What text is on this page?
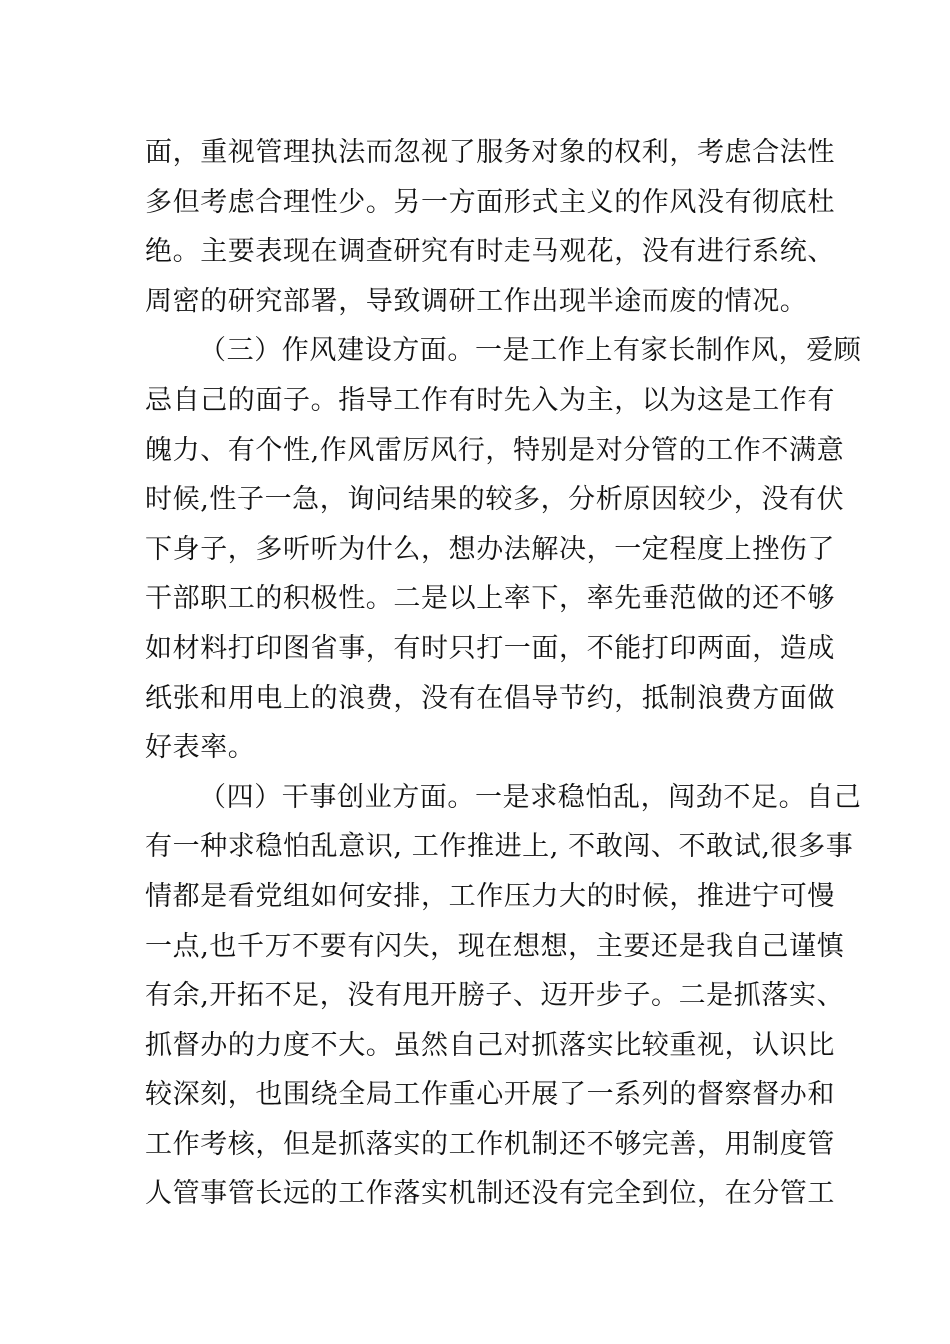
面，重视管理执法而忽视了服务对象的权利，考虑合法性
多但考虑合理性少。另一方面形式主义的作风没有彻底杜
绝。主要表现在调查研究有时走马观花，没有进行系统、
周密的研究部署，导致调研工作出现半途而废的情况。
（三）作风建设方面。一是工作上有家长制作风，爱顾
忌自己的面子。指导工作有时先入为主，以为这是工作有
魄力、有个性,作风雷厉风行，特别是对分管的工作不满意
时候,性子一急，询问结果的较多，分析原因较少，没有伏
下身子，多听听为什么，想办法解决，一定程度上挫伤了
干部职工的积极性。二是以上率下，率先垂范做的还不够
如材料打印图省事，有时只打一面，不能打印两面，造成
纸张和用电上的浪费，没有在倡导节约，抵制浪费方面做
好表率。
（四）干事创业方面。一是求稳怕乱，闯劲不足。自己
有一种求稳怕乱意识, 工作推进上, 不敢闯、不敢试,很多事
情都是看党组如何安排，工作压力大的时候，推进宁可慢
一点,也千万不要有闪失，现在想想，主要还是我自己谨慎
有余,开拓不足，没有甩开膀子、迈开步子。二是抓落实、
抓督办的力度不大。虽然自己对抓落实比较重视，认识比
较深刻，也围绕全局工作重心开展了一系列的督察督办和
工作考核，但是抓落实的工作机制还不够完善，用制度管
人管事管长远的工作落实机制还没有完全到位，在分管工
